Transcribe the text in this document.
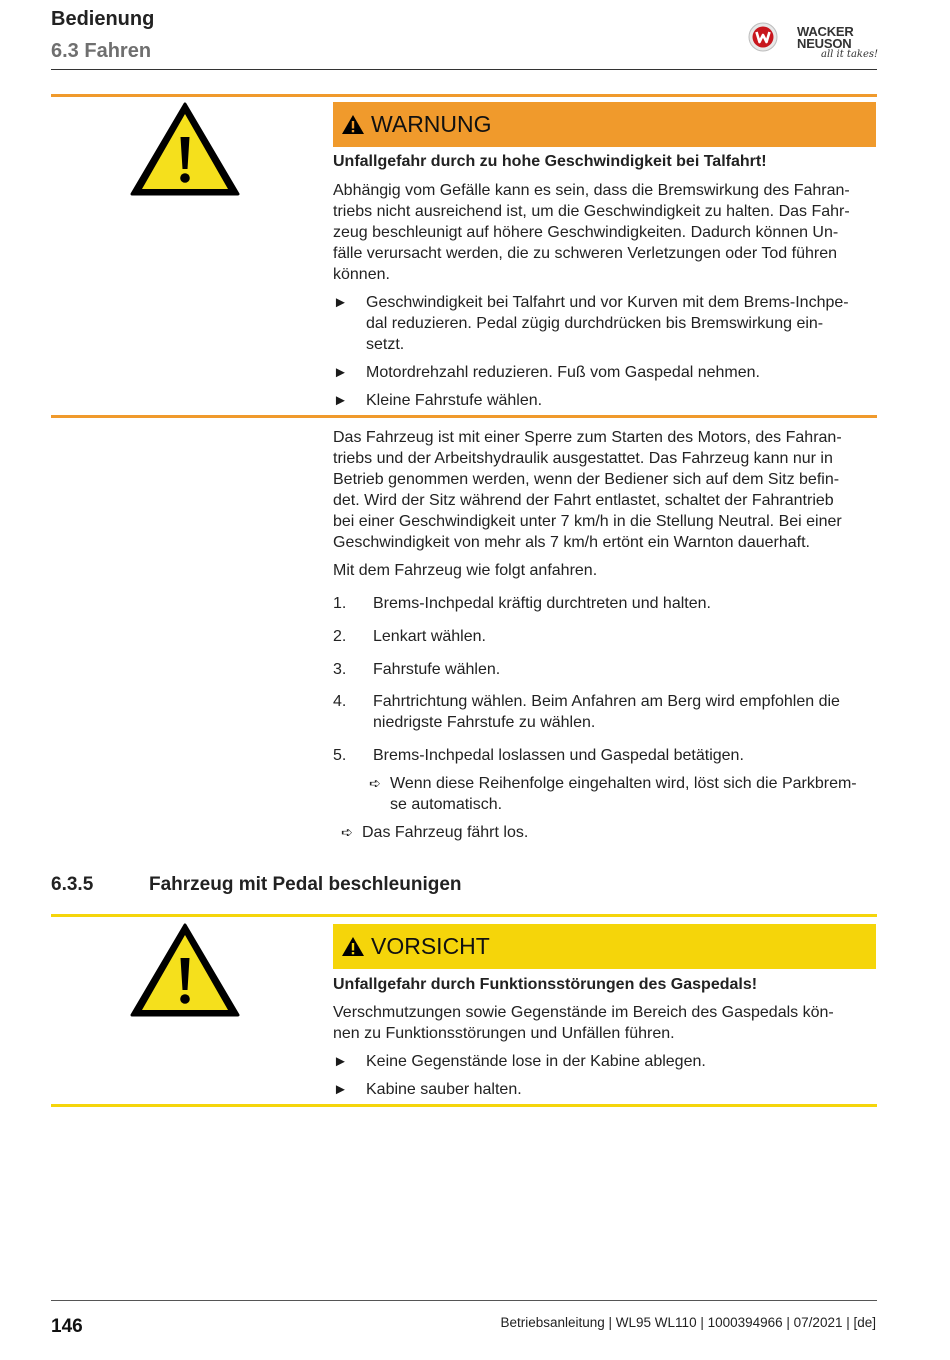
Bedienung
6.3 Fahren
WACKER
NEUSON
all it takes!
WARNUNG
Unfallgefahr durch zu hohe Geschwindigkeit bei Talfahrt!
Abhängig vom Gefälle kann es sein, dass die Bremswirkung des Fahran-
triebs nicht ausreichend ist, um die Geschwindigkeit zu halten. Das Fahr-
zeug beschleunigt auf höhere Geschwindigkeiten. Dadurch können Un-
fälle verursacht werden, die zu schweren Verletzungen oder Tod führen
können.
► Geschwindigkeit bei Talfahrt und vor Kurven mit dem Brems-Inchpe-
dal reduzieren. Pedal zügig durchdrücken bis Bremswirkung ein-
setzt.
► Motordrehzahl reduzieren. Fuß vom Gaspedal nehmen.
► Kleine Fahrstufe wählen.
Das Fahrzeug ist mit einer Sperre zum Starten des Motors, des Fahran-
triebs und der Arbeitshydraulik ausgestattet. Das Fahrzeug kann nur in
Betrieb genommen werden, wenn der Bediener sich auf dem Sitz befin-
det. Wird der Sitz während der Fahrt entlastet, schaltet der Fahrantrieb
bei einer Geschwindigkeit unter 7 km/h in die Stellung Neutral. Bei einer
Geschwindigkeit von mehr als 7 km/h ertönt ein Warnton dauerhaft.
Mit dem Fahrzeug wie folgt anfahren.
1. Brems-Inchpedal kräftig durchtreten und halten.
2. Lenkart wählen.
3. Fahrstufe wählen.
4. Fahrtrichtung wählen. Beim Anfahren am Berg wird empfohlen die
niedrigste Fahrstufe zu wählen.
5. Brems-Inchpedal loslassen und Gaspedal betätigen.
➪ Wenn diese Reihenfolge eingehalten wird, löst sich die Parkbrem-
se automatisch.
➪ Das Fahrzeug fährt los.
6.3.5	Fahrzeug mit Pedal beschleunigen
VORSICHT
Unfallgefahr durch Funktionsstörungen des Gaspedals!
Verschmutzungen sowie Gegenstände im Bereich des Gaspedals kön-
nen zu Funktionsstörungen und Unfällen führen.
► Keine Gegenstände lose in der Kabine ablegen.
► Kabine sauber halten.
146	Betriebsanleitung | WL95 WL110 | 1000394966 | 07/2021 | [de]
